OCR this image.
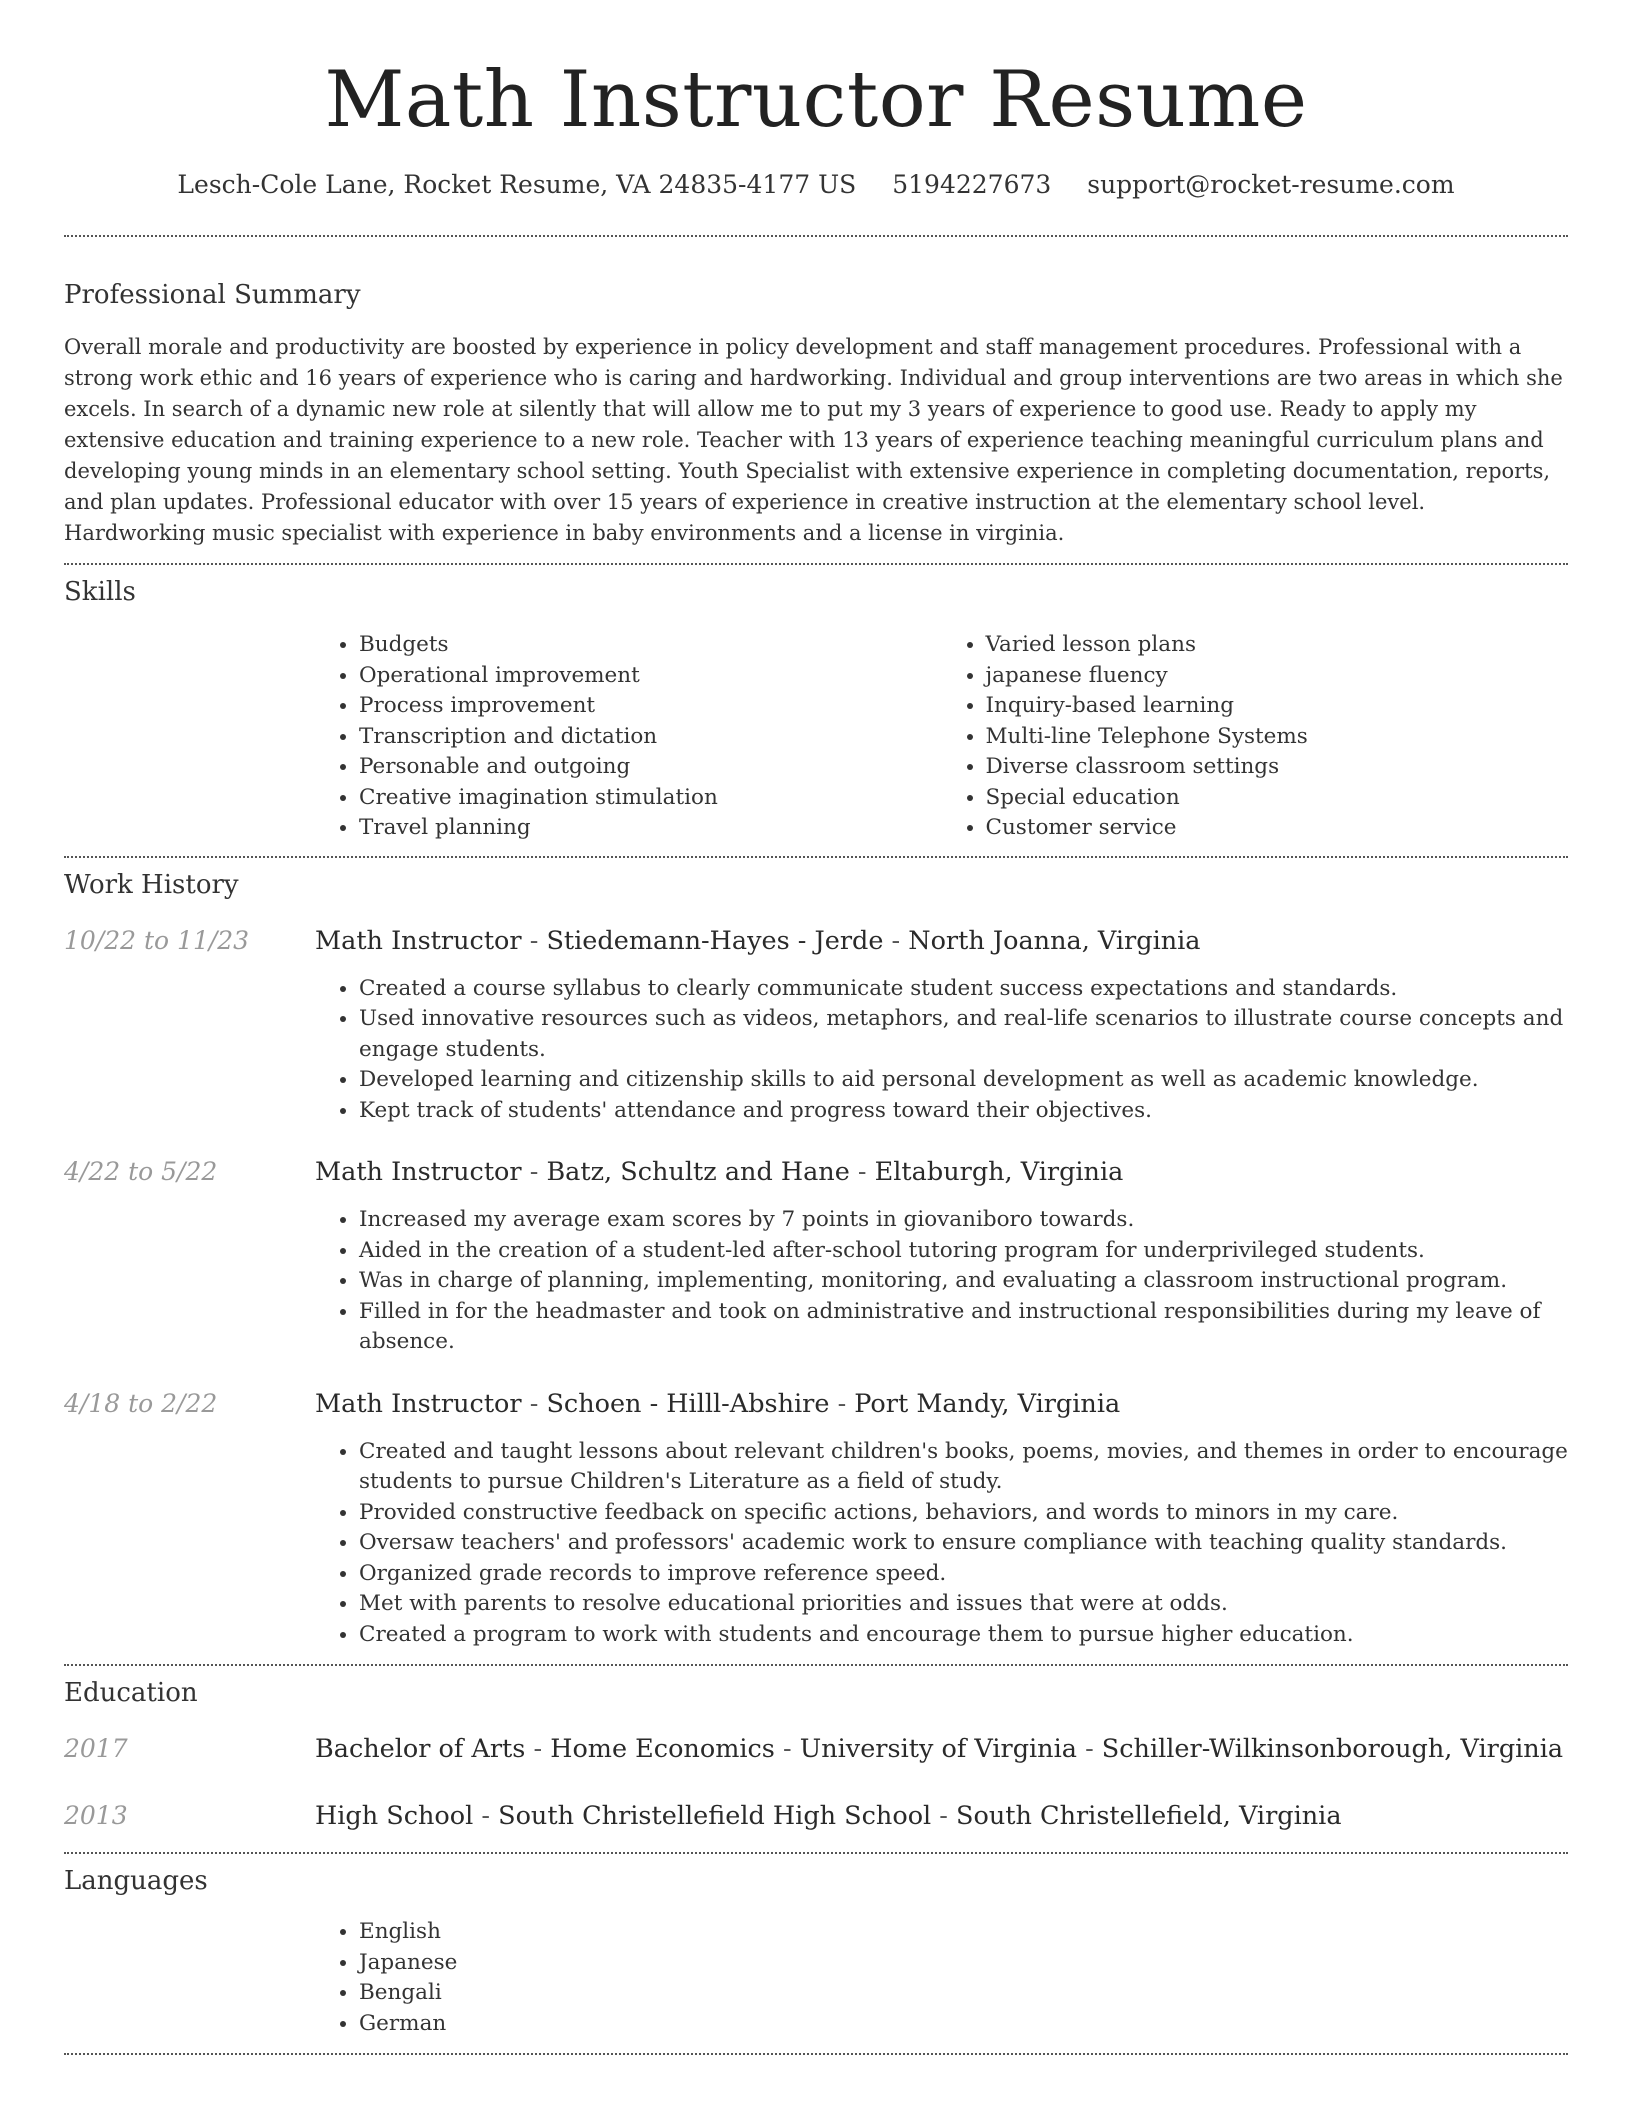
Math Instructor Resume
Lesch-Cole Lane, Rocket Resume, VA 24835-4177 US 5194227673 support@rocket-resume.com
Professional Summary

Overall morale and productivity are boosted by experience in policy development and staff management procedures. Professional with a strong work ethic and 16 years of experience who is caring and hardworking. Individual and group interventions are two areas in which she excels. In search of a dynamic new role at silently that will allow me to put my 3 years of experience to good use. Ready to apply my extensive education and training experience to a new role. Teacher with 13 years of experience teaching meaningful curriculum plans and developing young minds in an elementary school setting. Youth Specialist with extensive experience in completing documentation, reports, and plan updates. Professional educator with over 15 years of experience in creative instruction at the elementary school level. Hardworking music specialist with experience in baby environments and a license in virginia.

Skills
• Budgets
• Operational improvement
• Process improvement
• Transcription and dictation
• Personable and outgoing
• Creative imagination stimulation
• Travel planning
• Varied lesson plans
• japanese fluency
• Inquiry-based learning
• Multi-line Telephone Systems
• Diverse classroom settings
• Special education
• Customer service
Work History
10/22 to 11/23	Math Instructor - Stiedemann-Hayes - Jerde - North Joanna, Virginia
• Created a course syllabus to clearly communicate student success expectations and standards.
• Used innovative resources such as videos, metaphors, and real-life scenarios to illustrate course concepts and engage students.
• Developed learning and citizenship skills to aid personal development as well as academic knowledge.
• Kept track of students' attendance and progress toward their objectives.
4/22 to 5/22	Math Instructor - Batz, Schultz and Hane - Eltaburgh, Virginia
• Increased my average exam scores by 7 points in giovaniboro towards.
• Aided in the creation of a student-led after-school tutoring program for underprivileged students.
• Was in charge of planning, implementing, monitoring, and evaluating a classroom instructional program.
• Filled in for the headmaster and took on administrative and instructional responsibilities during my leave of absence.
4/18 to 2/22	Math Instructor - Schoen - Hilll-Abshire - Port Mandy, Virginia
• Created and taught lessons about relevant children's books, poems, movies, and themes in order to encourage students to pursue Children's Literature as a field of study.
• Provided constructive feedback on specific actions, behaviors, and words to minors in my care.
• Oversaw teachers' and professors' academic work to ensure compliance with teaching quality standards.
• Organized grade records to improve reference speed.
• Met with parents to resolve educational priorities and issues that were at odds.
• Created a program to work with students and encourage them to pursue higher education.
Education
2017	Bachelor of Arts - Home Economics - University of Virginia - Schiller-Wilkinsonborough, Virginia
2013	High School - South Christellefield High School - South Christellefield, Virginia
Languages
• English
• Japanese
• Bengali
• German
